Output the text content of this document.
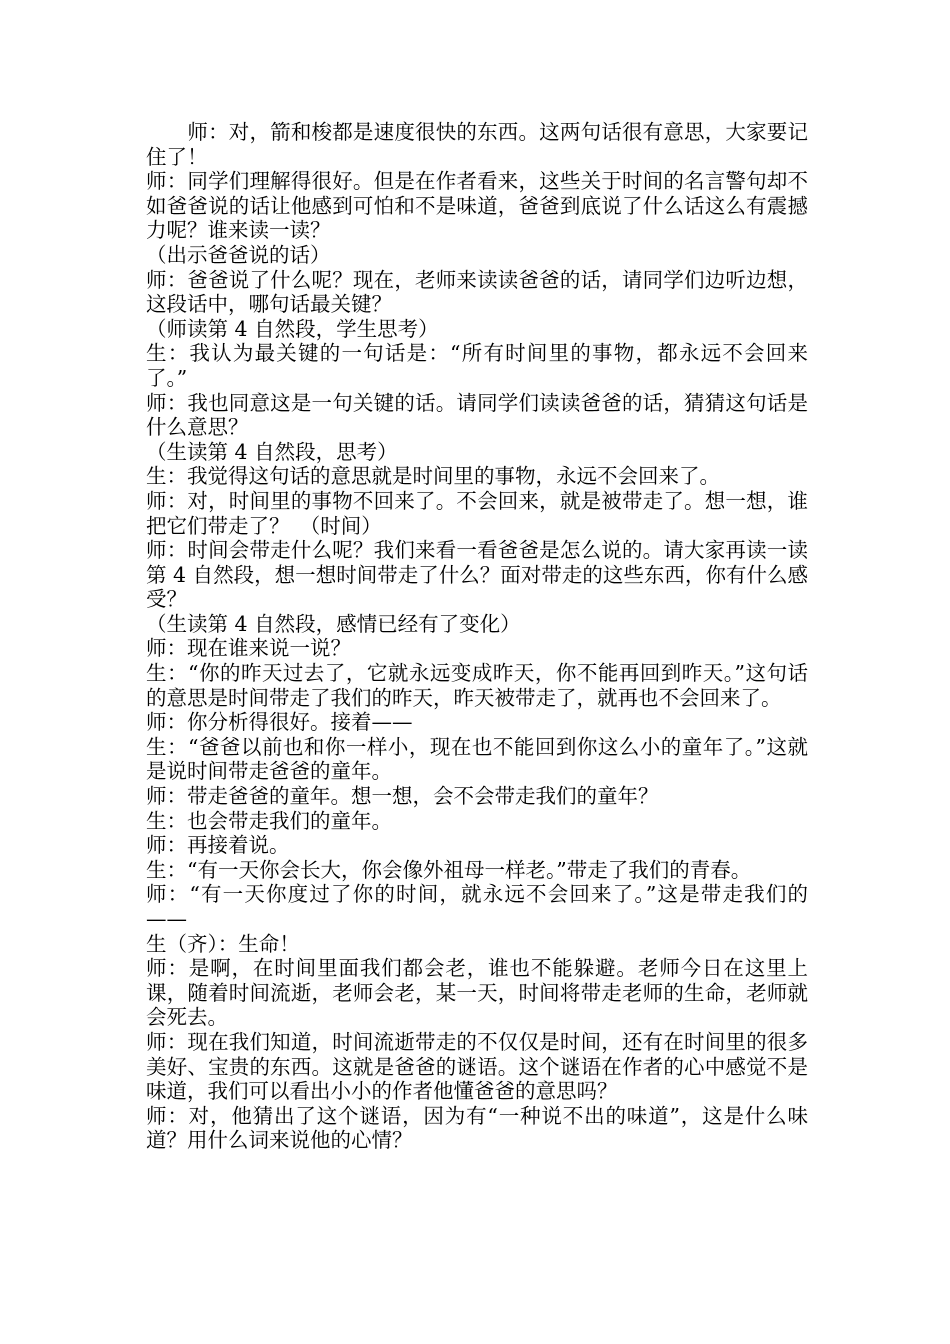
　　师：对，箭和梭都是速度很快的东西。这两句话很有意思，大家要记住了！

师：同学们理解得很好。但是在作者看来，这些关于时间的名言警句却不如爸爸说的话让他感到可怕和不是味道，爸爸到底说了什么话这么有震撼力呢？谁来读一读？

（出示爸爸说的话）

师：爸爸说了什么呢？现在，老师来读读爸爸的话，请同学们边听边想，这段话中，哪句话最关键？

（师读第 4 自然段，学生思考）

生：我认为最关键的一句话是：“所有时间里的事物，都永远不会回来了。”

师：我也同意这是一句关键的话。请同学们读读爸爸的话，猜猜这句话是什么意思？

（生读第 4 自然段，思考）

生：我觉得这句话的意思就是时间里的事物，永远不会回来了。

师：对，时间里的事物不回来了。不会回来，就是被带走了。想一想，谁把它们带走了？　（时间）

师：时间会带走什么呢？我们来看一看爸爸是怎么说的。请大家再读一读第 4 自然段，想一想时间带走了什么？面对带走的这些东西，你有什么感受？

（生读第 4 自然段，感情已经有了变化）

师：现在谁来说一说？

生：“你的昨天过去了，它就永远变成昨天，你不能再回到昨天。”这句话的意思是时间带走了我们的昨天，昨天被带走了，就再也不会回来了。

师：你分析得很好。接着——

生：“爸爸以前也和你一样小，现在也不能回到你这么小的童年了。”这就是说时间带走爸爸的童年。

师：带走爸爸的童年。想一想，会不会带走我们的童年？

生：也会带走我们的童年。

师：再接着说。

生：“有一天你会长大，你会像外祖母一样老。”带走了我们的青春。

师：“有一天你度过了你的时间，就永远不会回来了。”这是带走我们的——

生（齐）：生命！

师：是啊，在时间里面我们都会老，谁也不能躲避。老师今日在这里上课，随着时间流逝，老师会老，某一天，时间将带走老师的生命，老师就会死去。

师：现在我们知道，时间流逝带走的不仅仅是时间，还有在时间里的很多美好、宝贵的东西。这就是爸爸的谜语。这个谜语在作者的心中感觉不是味道，我们可以看出小小的作者他懂爸爸的意思吗？

师：对，他猜出了这个谜语，因为有“一种说不出的味道”，这是什么味道？用什么词来说他的心情？
